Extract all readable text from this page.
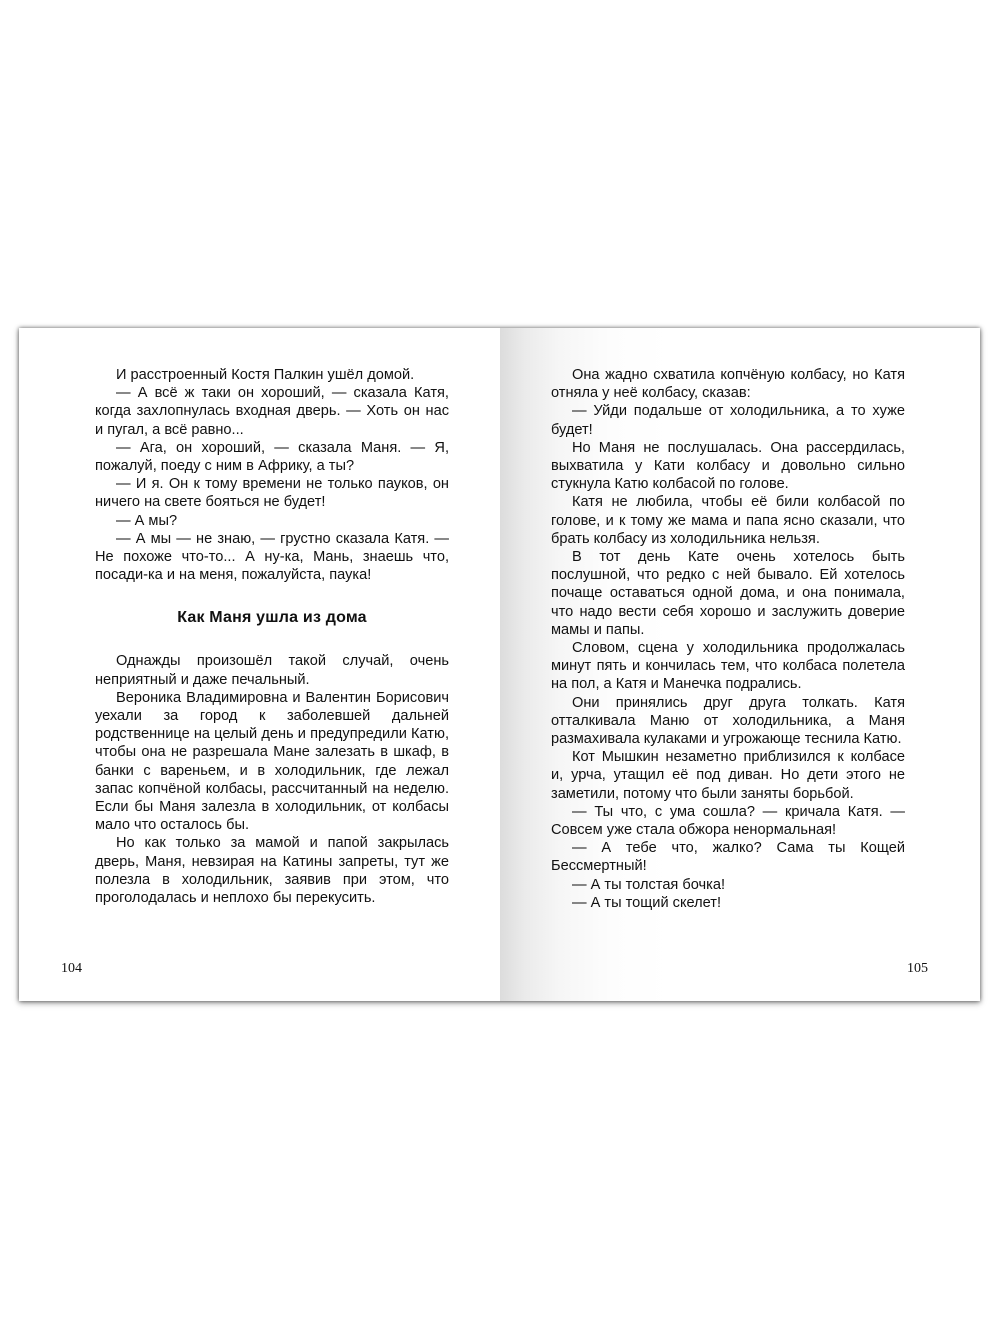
И расстроенный Костя Палкин ушёл домой.

— А всё ж таки он хороший, — сказала Катя, когда захлопнулась входная дверь. — Хоть он нас и пугал, а всё равно...

— Ага, он хороший, — сказала Маня. — Я, пожалуй, поеду с ним в Африку, а ты?

— И я. Он к тому времени не только пауков, он ничего на свете бояться не будет!

— А мы?

— А мы — не знаю, — грустно сказала Катя. — Не похоже что-то... А ну-ка, Мань, знаешь что, посади-ка и на меня, пожалуйста, паука!

Как Маня ушла из дома

Однажды произошёл такой случай, очень неприятный и даже печальный.

Вероника Владимировна и Валентин Борисович уехали за город к заболевшей дальней родственнице на целый день и предупредили Катю, чтобы она не разрешала Мане залезать в шкаф, в банки с вареньем, и в холодильник, где лежал запас копчёной колбасы, рассчитанный на неделю. Если бы Маня залезла в холодильник, от колбасы мало что осталось бы.

Но как только за мамой и папой закрылась дверь, Маня, невзирая на Катины запреты, тут же полезла в холодильник, заявив при этом, что проголодалась и неплохо бы перекусить.

104

Она жадно схватила копчёную колбасу, но Катя отняла у неё колбасу, сказав:

— Уйди подальше от холодильника, а то хуже будет!

Но Маня не послушалась. Она рассердилась, выхватила у Кати колбасу и довольно сильно стукнула Катю колбасой по голове.

Катя не любила, чтобы её били колбасой по голове, и к тому же мама и папа ясно сказали, что брать колбасу из холодильника нельзя.

В тот день Кате очень хотелось быть послушной, что редко с ней бывало. Ей хотелось почаще оставаться одной дома, и она понимала, что надо вести себя хорошо и заслужить доверие мамы и папы.

Словом, сцена у холодильника продолжалась минут пять и кончилась тем, что колбаса полетела на пол, а Катя и Манечка подрались.

Они принялись друг друга толкать. Катя отталкивала Маню от холодильника, а Маня размахивала кулаками и угрожающе теснила Катю.

Кот Мышкин незаметно приблизился к колбасе и, урча, утащил её под диван. Но дети этого не заметили, потому что были заняты борьбой.

— Ты что, с ума сошла? — кричала Катя. — Совсем уже стала обжора ненормальная!

— А тебе что, жалко? Сама ты Кощей Бессмертный!

— А ты толстая бочка!

— А ты тощий скелет!

105
